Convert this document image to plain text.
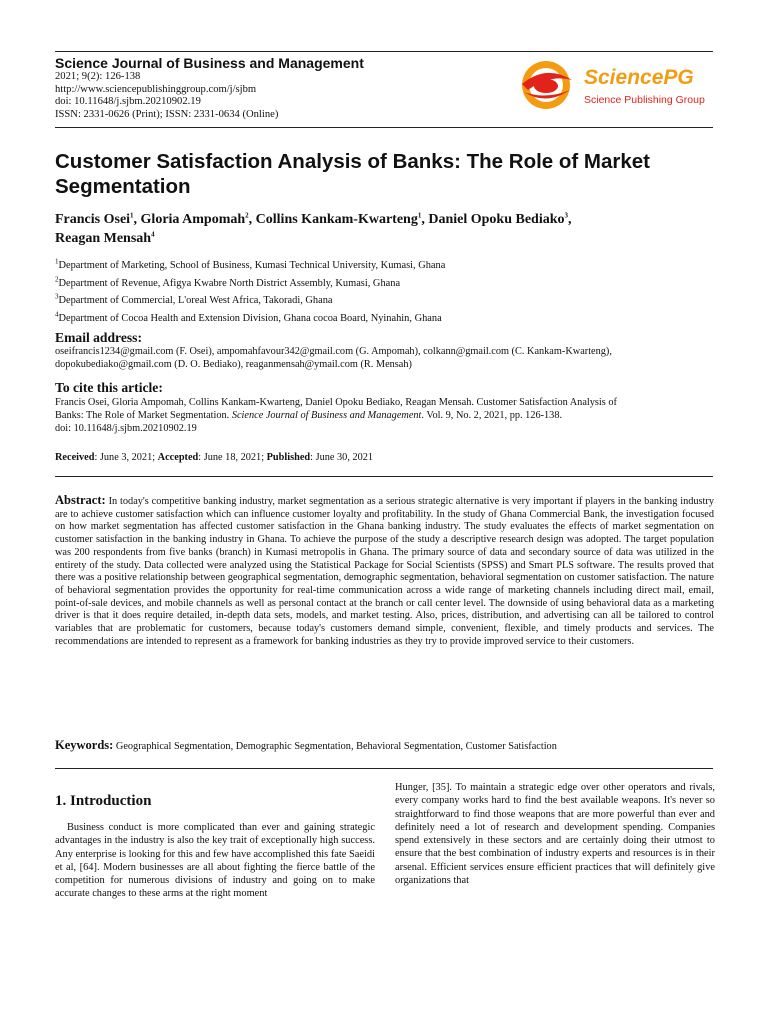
Science Journal of Business and Management
2021; 9(2): 126-138
http://www.sciencepublishinggroup.com/j/sjbm
doi: 10.11648/j.sjbm.20210902.19
ISSN: 2331-0626 (Print); ISSN: 2331-0634 (Online)
SciencePG
Science Publishing Group
Customer Satisfaction Analysis of Banks: The Role of Market Segmentation
Francis Osei$^1$, Gloria Ampomah$^2$, Collins Kankam-Kwarteng$^1$, Daniel Opoku Bediako$^3$,
Reagan Mensah$^4$
$^1$Department of Marketing, School of Business, Kumasi Technical University, Kumasi, Ghana
$^2$Department of Revenue, Afigya Kwabre North District Assembly, Kumasi, Ghana
$^3$Department of Commercial, L'oreal West Africa, Takoradi, Ghana
$^4$Department of Cocoa Health and Extension Division, Ghana cocoa Board, Nyinahin, Ghana
Email address:
oseifrancis1234@gmail.com (F. Osei), ampomahfavour342@gmail.com (G. Ampomah), colkann@gmail.com (C. Kankam-Kwarteng),
dopokubediako@gmail.com (D. O. Bediako), reaganmensah@ymail.com (R. Mensah)
To cite this article:
Francis Osei, Gloria Ampomah, Collins Kankam-Kwarteng, Daniel Opoku Bediako, Reagan Mensah. Customer Satisfaction Analysis of
Banks: The Role of Market Segmentation. Science Journal of Business and Management. Vol. 9, No. 2, 2021, pp. 126-138.
doi: 10.11648/j.sjbm.20210902.19
Received: June 3, 2021; Accepted: June 18, 2021; Published: June 30, 2021
Abstract: In today's competitive banking industry, market segmentation as a serious strategic alternative is very important if players in the banking industry are to achieve customer satisfaction which can influence customer loyalty and profitability. In the study of Ghana Commercial Bank, the investigation focused on how market segmentation has affected customer satisfaction in the Ghana banking industry. The study evaluates the effects of market segmentation on customer satisfaction in the banking industry in Ghana. To achieve the purpose of the study a descriptive research design was adopted. The target population was 200 respondents from five banks (branch) in Kumasi metropolis in Ghana. The primary source of data and secondary source of data was utilized in the entirety of the study. Data collected were analyzed using the Statistical Package for Social Scientists (SPSS) and Smart PLS software. The results proved that there was a positive relationship between geographical segmentation, demographic segmentation, behavioral segmentation on customer satisfaction. The nature of behavioral segmentation provides the opportunity for real-time communication across a wide range of marketing channels including direct mail, email, point-of-sale devices, and mobile channels as well as personal contact at the branch or call center level. The downside of using behavioral data as a marketing driver is that it does require detailed, in-depth data sets, models, and market testing. Also, prices, distribution, and advertising can all be tailored to control variables that are problematic for customers, because today's customers demand simple, convenient, flexible, and timely products and services. The recommendations are intended to represent as a framework for banking industries as they try to provide improved service to their customers.
Keywords: Geographical Segmentation, Demographic Segmentation, Behavioral Segmentation, Customer Satisfaction
1. Introduction
Business conduct is more complicated than ever and gaining strategic advantages in the industry is also the key trait of exceptionally high success. Any enterprise is looking for this and few have accomplished this fate Saeidi et al, [64]. Modern businesses are all about fighting the fierce battle of the competition for numerous divisions of industry and going on to make accurate changes to these arms at the right moment
Hunger, [35]. To maintain a strategic edge over other operators and rivals, every company works hard to find the best available weapons. It's never so straightforward to find those weapons that are more powerful than ever and definitely need a lot of research and development spending. Companies spend extensively in these sectors and are certainly doing their utmost to ensure that the best combination of industry experts and resources is in their arsenal. Efficient services ensure efficient practices that will definitely give organizations that
